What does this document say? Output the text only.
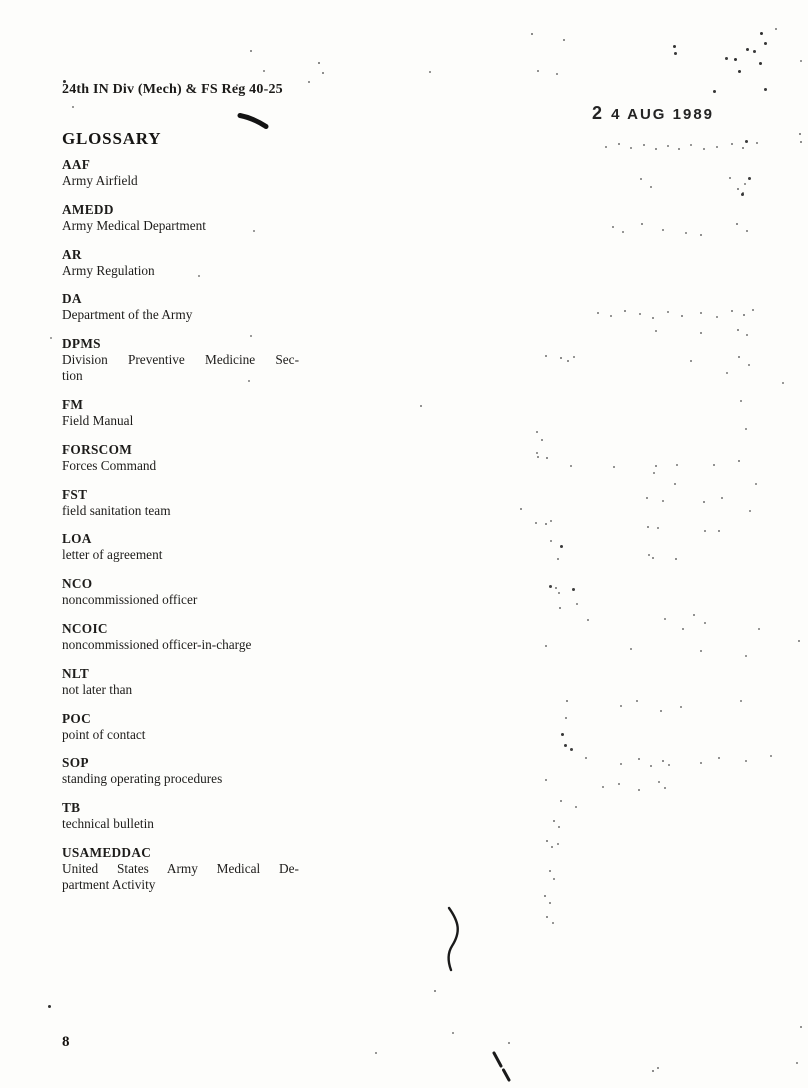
24th IN Div (Mech) & FS Reg 40-25
2 4 AUG 1989
GLOSSARY
AAF
Army Airfield
AMEDD
Army Medical Department
AR
Army Regulation
DA
Department of the Army
DPMS
Division Preventive Medicine Sec-
tion
FM
Field Manual
FORSCOM
Forces Command
FST
field sanitation team
LOA
letter of agreement
NCO
noncommissioned officer
NCOIC
noncommissioned officer-in-charge
NLT
not later than
POC
point of contact
SOP
standing operating procedures
TB
technical bulletin
USAMEDDAC
United States Army Medical De-
partment Activity
8
